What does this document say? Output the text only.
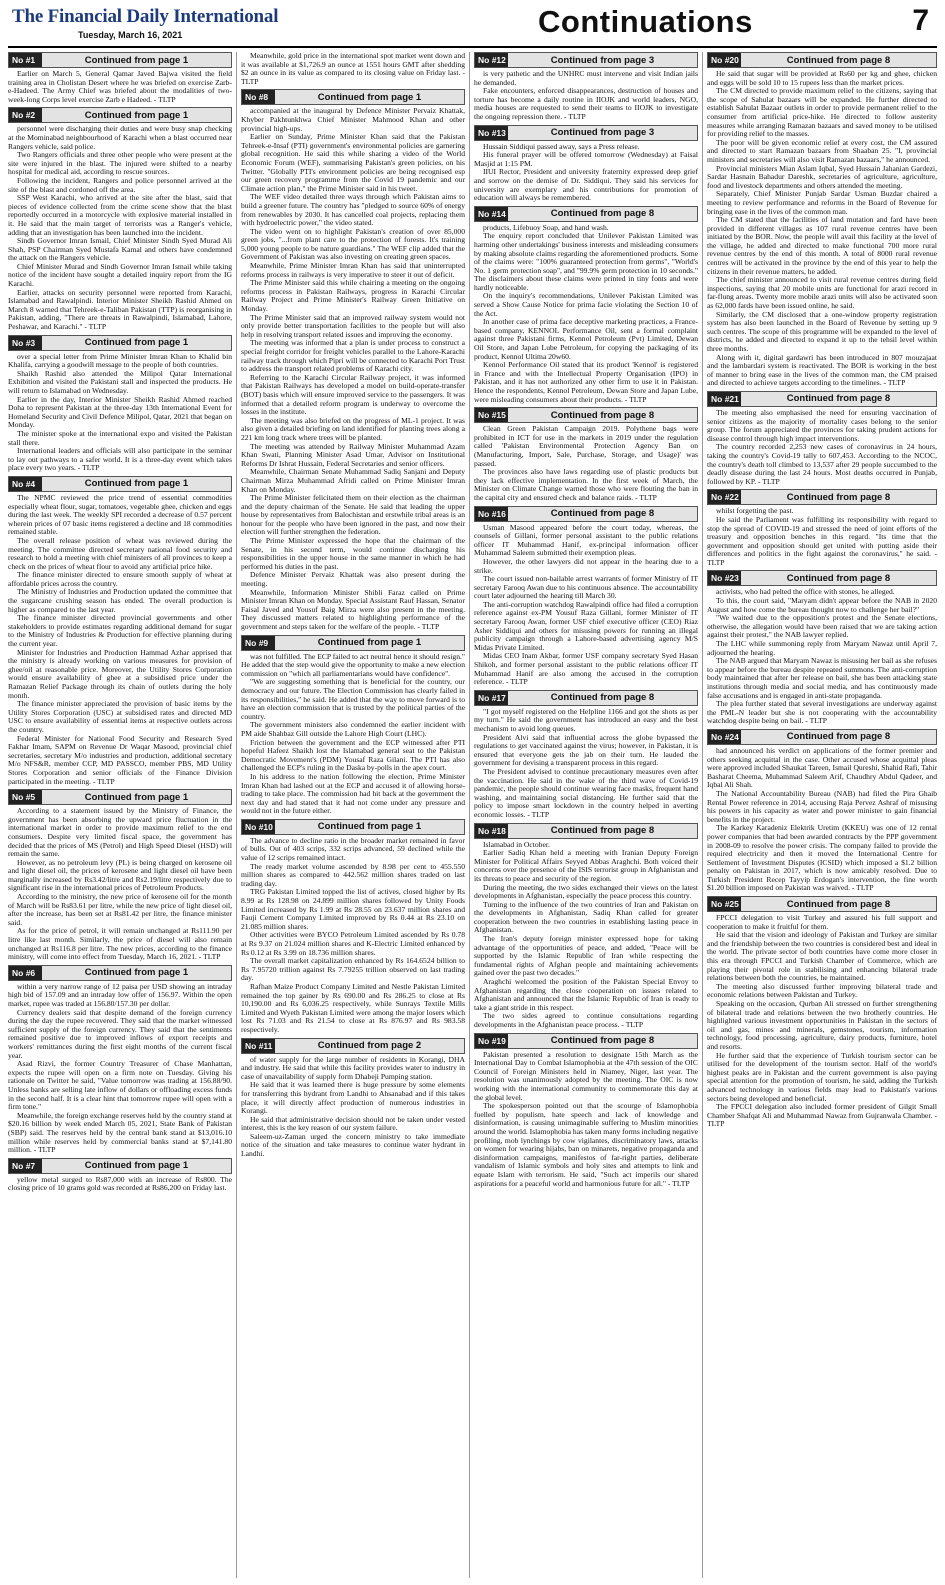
The Financial Daily International
Tuesday, March 16, 2021	Continuations	7
No #1	Continued from page 1

Earlier on March 5, General Qamar Javed Bajwa visited the field training area in Cholistan Desert where he was briefed on exercise Zarb-e-Hadeed. The Army Chief was briefed about the modalities of two-week-long Corps level exercise Zarb e Hadeed. - TLTP

No #2	Continued from page 1

personnel were discharging their duties and were busy snap checking at the Mominabad neighbourhood of Karachi when a blast occurred near Rangers vehicle, said police.

Two Rangers officials and three other people who were present at the site were injured in the blast. The injured were shifted to a nearby hospital for medical aid, according to rescue sources.

Following the incident, Rangers and police personnel arrived at the site of the blast and cordoned off the area.

SSP West Karachi, who arrived at the site after the blast, said that pieces of evidence collected from the crime scene show that the blast reportedly occurred in a motorcycle with explosive material installed in it. He said that the main target of terrorists was a Ranger's vehicle, adding that an investigation has been launched into the incident.

Sindh Governor Imran Ismail, Chief Minister Sindh Syed Murad Ali Shah, PSP Chairman Syed Mustafa Kamal and others have condemned the attack on the Rangers vehicle.

Chief Minister Murad and Sindh Governor Imran Ismail while taking notice of the incident have sought a detailed inquiry report from the IG Karachi.

Earlier, attacks on security personnel were reported from Karachi, Islamabad and Rawalpindi. Interior Minister Sheikh Rashid Ahmed on March 8 warned that Tehreek-e-Taliban Pakistan (TTP) is reorganising in Pakistan, adding, "There are threats in Rawalpindi, Islamabad, Lahore, Peshawar, and Karachi." - TLTP

No #3	Continued from page 1

over a special letter from Prime Minister Imran Khan to Khalid bin Khalifa, carrying a goodwill message to the people of both countries.

Shaikh Rashid also attended the Milipol Qatar International Exhibition and visited the Pakistani stall and inspected the products. He will return to Islamabad on Wednesday.

Earlier in the day, Interior Minister Sheikh Rashid Ahmed reached Doha to represent Pakistan at the three-day 13th International Event for Homeland Security and Civil Defence Milipol, Qatar, 2021 that began on Monday.

The minister spoke at the international expo and visited the Pakistan stall there.

International leaders and officials will also participate in the seminar to lay out pathways to a safer world. It is a three-day event which takes place every two years. - TLTP

No #4	Continued from page 1

The NPMC reviewed the price trend of essential commodities especially wheat flour, sugar, tomatoes, vegetable ghee, chicken and eggs during the last week. The weekly SPI recorded a decrease of 0.57 percent wherein prices of 07 basic items registered a decline and 18 commodities remained stable.

The overall release position of wheat was reviewed during the meeting. The committee directed secretary national food security and research to hold a meeting with chief ministers of all provinces to keep a check on the prices of wheat flour to avoid any artificial price hike.

The finance minister directed to ensure smooth supply of wheat at affordable prices across the country.

The Ministry of Industries and Production updated the committee that the sugarcane crushing season has ended. The overall production is higher as compared to the last year.

The finance minister directed provincial governments and other stakeholders to provide estimates regarding additional demand for sugar to the Ministry of Industries & Production for effective planning during the current year.

Minister for Industries and Production Hammad Azhar apprised that the ministry is already working on various measures for provision of ghee/oil at reasonable price. Moreover, the Utility Stores Corporation would ensure availability of ghee at a subsidised price under the Ramazan Relief Package through its chain of outlets during the holy month.

The finance minister appreciated the provision of basic items by the Utility Stores Corporation (USC) at subsidised rates and directed MD USC to ensure availability of essential items at respective outlets across the country.

Federal Minister for National Food Security and Research Syed Fakhar Imam, SAPM on Revenue Dr Waqar Masood, provincial chief secretaries, secretary M/o industries and production, additional secretary M/o NFS&R, member CCP, MD PASSCO, member PBS, MD Utility Stores Corporation and senior officials of the Finance Division participated in the meeting. - TLTP

No #5	Continued from page 1

According to a statement issued by the Ministry of Finance, the government has been absorbing the upward price fluctuation in the international market in order to provide maximum relief to the end consumers. Despite very limited fiscal space, the government has decided that the prices of MS (Petrol) and High Speed Diesel (HSD) will remain the same.

However, as no petroleum levy (PL) is being charged on kerosene oil and light diesel oil, the prices of kerosene and light diesel oil have been marginally increased by Rs3.42/litre and Rs2.19/litre respectively due to significant rise in the international prices of Petroleum Products.

According to the ministry, the new price of kerosene oil for the month of March will be Rs83.61 per litre, while the new price of light diesel oil, after the increase, has been set at Rs81.42 per litre, the finance minister said.

As for the price of petrol, it will remain unchanged at Rs111.90 per litre like last month. Similarly, the price of diesel will also remain unchanged at Rs116.8 per litre. The new prices, according to the finance ministry, will come into effect from Tuesday, March 16, 2021. - TLTP

No #6	Continued from page 1

within a very narrow range of 12 paisa per USD showing an intraday high bid of 157.09 and an intraday low offer of 156.97. Within the open market, rupee was traded at 156.80/157.30 per dollar.

Currency dealers said that despite demand of the foreign currency during the day the rupee recovered. They said that the market witnessed sufficient supply of the foreign currency. They said that the sentiments remained positive due to improved inflows of export receipts and workers' remittances during the first eight months of the current fiscal year.

Asad Rizvi, the former Country Treasurer of Chase Manhattan, expects the rupee will open on a firm note on Tuesday. Giving his rationale on Twitter he said, "Value tomorrow was trading at 156.88/90. Unless banks are selling late inflow of dollars or offloading excess funds in the second half. It is a clear hint that tomorrow rupee will open with a firm tone."

Meanwhile, the foreign exchange reserves held by the country stand at $20.16 billion by week ended March 05, 2021, State Bank of Pakistan (SBP) said. The reserves held by the central bank stand at $13,016.10 million while reserves held by commercial banks stand at $7,141.80 million. - TLTP

No #7	Continued from page 1

yellow metal surged to Rs87,000 with an increase of Rs800. The closing price of 10 grams gold was recorded at Rs86,200 on Friday last.

Meanwhile, gold price in the international spot market went down and it was available at $1,726.9 an ounce at 1551 hours GMT after shedding $2 an ounce in its value as compared to its closing value on Friday last. - TLTP

No #8	Continued from page 1

accompanied at the inaugural by Defence Minister Pervaiz Khattak, Khyber Pakhtunkhwa Chief Minister Mahmood Khan and other provincial high-ups.

Earlier on Sunday, Prime Minister Khan said that the Pakistan Tehreek-e-Insaf (PTI) government's environmental policies are garnering global recognition. He said this while sharing a video of the World Economic Forum (WEF), summarising Pakistan's green policies, on his Twitter. "Globally PTI's environment policies are being recognised esp our green recovery programme from the Covid 19 pandemic and our Climate action plan," the Prime Minister said in his tweet.

The WEF video detailed three ways through which Pakistan aims to build a greener future. The country has "pledged to source 60% of energy from renewables by 2030. It has cancelled coal projects, replacing them with hydroelectric power," the video stated.

The video went on to highlight Pakistan's creation of over 85,000 green jobs, "...from plant care to the protection of forests. It's training 5,000 young people to be nature guardians." The WEF clip added that the Government of Pakistan was also investing on creating green spaces.

Meanwhile, Prime Minister Imran Khan has said that uninterrupted reforms process in railways is very imperative to steer it out of deficit.

The Prime Minister said this while chairing a meeting on the ongoing reforms process in Pakistan Railways, progress in Karachi Circular Railway Project and Prime Minister's Railway Green Initiative on Monday.

The Prime Minister said that an improved railway system would not only provide better transportation facilities to the people but will also help in resolving transport related issues and improving the economy.

The meeting was informed that a plan is under process to construct a special freight corridor for freight vehicles parallel to the Lahore-Karachi railway track through which Pipri will be connected to Karachi Port Trust to address the transport related problems of Karachi city.

Referring to the Karachi Circular Railway project, it was informed that Pakistan Railways has developed a model on build-operate-transfer (BOT) basis which will ensure improved service to the passengers. It was informed that a detailed reform program is underway to overcome the losses in the institute.

The meeting was also briefed on the progress of ML-1 project. It was also given a detailed briefing on land identified for planting trees along a 221 km long track where trees will be planted.

The meeting was attended by Railway Minister Muhammad Azam Khan Swati, Planning Minister Asad Umar, Advisor on Institutional Reforms Dr Ishrat Hussain, Federal Secretaries and senior officers.

Meanwhile, Chairman Senate Muhammad Sadiq Sanjani and Deputy Chairman Mirza Muhammad Afridi called on Prime Minister Imran Khan on Monday.

The Prime Minister felicitated them on their election as the chairman and the deputy chairman of the Senate. He said that leading the upper house by representatives from Balochistan and erstwhile tribal areas is an honour for the people who have been ignored in the past, and now their election will further strengthen the federation.

The Prime Minister expressed the hope that the chairman of the Senate, in his second term, would continue discharging his responsibilities in the upper house in the same manner in which he had performed his duties in the past.

Defence Minister Pervaiz Khattak was also present during the meeting.

Meanwhile, Information Minister Shibli Faraz called on Prime Minister Imran Khan on Monday. Special Assistant Rauf Hassan, Senator Faisal Javed and Yousuf Baig Mirza were also present in the meeting. They discussed matters related to highlighting performance of the government and steps taken for the welfare of the people. - TLTP

No #9	Continued from page 1

was not fulfilled. The ECP failed to act neutral hence it should resign." He added that the step would give the opportunity to make a new election commission on "which all parliamentarians would have confidence".

"We are suggesting something that is beneficial for the country, our democracy and our future. The Election Commission has clearly failed in its responsibilities," he said. He added that the way to move forward is to have an election commission that is trusted by the political parties of the country.

The government ministers also condemned the earlier incident with PM aide Shahbaz Gill outside the Lahore High Court (LHC).

Friction between the government and the ECP witnessed after PTI hopeful Hafeez Shaikh lost the Islamabad general seat to the Pakistan Democratic Movement's (PDM) Yousaf Raza Gilani. The PTI has also challenged the ECP's ruling in the Daska by-polls in the apex court.

In his address to the nation following the election, Prime Minister Imran Khan had lashed out at the ECP and accused it of allowing horse-trading to take place. The commission had hit back at the government the next day and had stated that it had not come under any pressure and would not in the future either.

No #10	Continued from page 1

The advance to decline ratio in the broader market remained in favor of bulls. Out of 403 scrips, 332 scrips advanced, 59 declined while the value of 12 scrips remained intact.

The ready market volume ascended by 8.98 per cent to 455.550 million shares as compared to 442.562 million shares traded on last trading day.

TRG Pakistan Limited topped the list of actives, closed higher by Rs 8.99 at Rs 128.98 on 24.899 million shares followed by Unity Foods Limited increased by Rs 1.99 at Rs 28.55 on 23.637 million shares and Fauji Cement Company Limited improved by Rs 0.44 at Rs 23.10 on 21.085 million shares.

Other activities were BYCO Petroleum Limited ascended by Rs 0.78 at Rs 9.37 on 21.024 million shares and K-Electric Limited enhanced by Rs 0.12 at Rs 3.99 on 18.736 million shares.

The overall market capitalization enhanced by Rs 164.6524 billion to Rs 7.95720 trillion against Rs 7.79255 trillion observed on last trading day.

Rafhan Maize Product Company Limited and Nestle Pakistan Limited remained the top gainer by Rs 690.00 and Rs 286.25 to close at Rs 10,190.00 and Rs 6,036.25 respectively, while Sunrays Textile Mills Limited and Wyeth Pakistan Limited were among the major losers which lost Rs 71.03 and Rs 21.54 to close at Rs 876.97 and Rs 983.58 respectively.

No #11	Continued from page 2

of water supply for the large number of residents in Korangi, DHA and industry. He said that while this facility provides water to industry in case of unavailability of supply form Dhabeji Pumping station.

He said that it was learned there is huge pressure by some elements for transferring this hydrant from Landhi to Ahsanabad and if this takes place, it will directly affect production of numerous industries in Korangi.

He said that administrative decision should not be taken under vested interest, this is the key reason of our system failure.

Saleem-uz-Zaman urged the concern ministry to take immediate notice of the situation and take measures to continue water hydrant in Landhi.

No #12	Continued from page 3

is very pathetic and the UNHRC must intervene and visit Indian jails he demanded.

Fake encounters, enforced disappearances, destruction of houses and torture has become a daily routine in IIOJK and world leaders, NGO, media houses are requested to send their teams to IIOJK to investigate the ongoing repression there. - TLTP

No #13	Continued from page 3

Hussain Siddiqui passed away, says a Press release.

His funeral prayer will be offered tomorrow (Wednesday) at Faisal Masjid at 1:15 PM.

IIUI Rector, President and university fraternity expressed deep grief and sorrow on the demise of Dr. Siddiqui. They said his services for university are exemplary and his contributions for promotion of education will always be remembered.

No #14	Continued from page 8

products, Lifebuoy Soap, and hand wash.

The enquiry report concluded that Unilever Pakistan Limited was harming other undertakings' business interests and misleading consumers by making absolute claims regarding the aforementioned products. Some of the claims were: "100% guaranteed protection from germs", "World's No. 1 germ protection soap", and "99.9% germ protection in 10 seconds." The disclaimers about these claims were printed in tiny fonts and were hardly noticeable.

On the inquiry's recommendations, Unilever Pakistan Limited was served a Show Cause Notice for prima facie violating the Section 10 of the Act.

In another case of prima face deceptive marketing practices, a France-based company, KENNOL Performance Oil, sent a formal complaint against three Pakistani firms, Kennol Petroleum (Pvt) Limited, Dewan Oil Store, and Japan Lube Petroleum, for copying the packaging of its product, Kennol Ultima 20w60.

Kennol Performance Oil stated that its product 'Kennol' is registered in France and with the Intellectual Property Organisation (IPO) in Pakistan, and it has not authorized any other firm to use it in Pakistan. Hence the respondents, Kennol Petroleum, Dewan Store and Japan Lube, were misleading consumers about their products. - TLTP

No #15	Continued from page 8

Clean Green Pakistan Campaign 2019. Polythene bags were prohibited in ICT for use in the markets in 2019 under the regulation called 'Pakistan Environmental Protection Agency Ban on (Manufacturing, Import, Sale, Purchase, Storage, and Usage)' was passed.

The provinces also have laws regarding use of plastic products but they lack effective implementation. In the first week of March, the Minister on Climate Change warned those who were flouting the ban in the capital city and ensured check and balance raids. - TLTP

No #16	Continued from page 8

Usman Masood appeared before the court today, whereas, the counsels of Gillani, former personal assistant to the public relations officer IT Muhammad Hanif, ex-principal information officer Muhammad Saleem submitted their exemption pleas.

However, the other lawyers did not appear in the hearing due to a strike.

The court issued non-bailable arrest warrants of former Ministry of IT secretary Farooq Awan due to his continuous absence. The accountability court later adjourned the hearing till March 30.

The anti-corruption watchdog Rawalpindi office had filed a corruption reference against ex-PM Yousuf Raza Gillani, former Minister of IT secretary Farooq Awan, former USF chief executive officer (CEO) Riaz Asher Siddiqui and others for misusing powers for running an illegal publicity campaign through a Lahore-based advertising agency M/S Midas Private Limited.

Midas CEO Inam Akbar, former USF company secretary Syed Hasan Shikoh, and former personal assistant to the public relations officer IT Muhammad Hanif are also among the accused in the corruption reference. - TLTP

No #17	Continued from page 8

"I got myself registered on the Helpline 1166 and got the shots as per my turn." He said the government has introduced an easy and the best mechanism to avoid long queues.

President Alvi said that influential across the globe bypassed the regulations to get vaccinated against the virus; however, in Pakistan, it is ensured that everyone gets the jab on their turn. He lauded the government for devising a transparent process in this regard.

The President advised to continue precautionary measures even after the vaccination. He said in the wake of the third wave of Covid-19 pandemic, the people should continue wearing face masks, frequent hand washing, and maintaining social distancing. He further said that the policy to impose smart lockdown in the country helped in averting economic losses. - TLTP

No #18	Continued from page 8

Islamabad in October.

Earlier Sadiq Khan held a meeting with Iranian Deputy Foreign Minister for Political Affairs Seyyed Abbas Araghchi. Both voiced their concerns over the presence of the ISIS terrorist group in Afghanistan and its threats to peace and security of the region.

During the meeting, the two sides exchanged their views on the latest developments in Afghanistan, especially the peace process this country.

Turning to the influence of the two countries of Iran and Pakistan on the developments in Afghanistan, Sadiq Khan called for greater cooperation between the two countries in establishing lasting peace in Afghanistan.

The Iran's deputy foreign minister expressed hope for taking advantage of the opportunities of peace, and added, "Peace will be supported by the Islamic Republic of Iran while respecting the fundamental rights of Afghan people and maintaining achievements gained over the past two decades."

Araghchi welcomed the position of the Pakistan Special Envoy to Afghanistan regarding the close cooperation on issues related to Afghanistan and announced that the Islamic Republic of Iran is ready to take a giant stride in this respect.

The two sides agreed to continue consultations regarding developments in the Afghanistan peace process. - TLTP

No #19	Continued from page 8

Pakistan presented a resolution to designate 15th March as the International Day to Combat Islamophobia at the 47th session of the OIC Council of Foreign Ministers held in Niamey, Niger, last year. The resolution was unanimously adopted by the meeting. The OIC is now working with the international community to commemorate this day at the global level.

The spokesperson pointed out that the scourge of Islamophobia fuelled by populism, hate speech and lack of knowledge and disinformation, is causing unimaginable suffering to Muslim minorities around the world. Islamophobia has taken many forms including negative profiling, mob lynchings by cow vigilantes, discriminatory laws, attacks on women for wearing hijabs, ban on minarets, negative propaganda and disinformation campaigns, manifestos of far-right parties, deliberate vandalism of Islamic symbols and holy sites and attempts to link and equate Islam with terrorism. He said, "Such act imperils our shared aspirations for a peaceful world and harmonious future for all." - TLTP

No #20	Continued from page 8

He said that sugar will be provided at Rs60 per kg and ghee, chicken and eggs will be sold 10 to 15 rupees less than the market prices.

The CM directed to provide maximum relief to the citizens, saying that the scope of Sahulat bazaars will be expanded. He further directed to establish Sahulat Bazaar outlets in order to provide permanent relief to the consumer from artificial price-hike. He directed to follow austerity measures while arranging Ramazan bazaars and saved money to be utilised for providing relief to the masses.

The poor will be given economic relief at every cost, the CM assured and directed to start Ramazan bazaars from Shaaban 25. "I, provincial ministers and secretaries will also visit Ramazan bazaars," he announced.

Provincial ministers Mian Aslam Iqbal, Syed Hussain Jahanian Gardezi, Sardar Hasnain Bahadur Dareshk, secretaries of agriculture, agriculture, food and livestock departments and others attended the meeting.

Separately, Chief Minister Punjab Sardar Usman Buzdar chaired a meeting to review performance and reforms in the Board of Revenue for bringing ease in the lives of the common man.

The CM stated that the facilities of land mutation and fard have been provided in different villages as 107 rural revenue centres have been initiated by the BOR. Now, the people will avail this facility at the level of the village, he added and directed to make functional 700 more rural revenue centres by the end of this month. A total of 8000 rural revenue centres will be activated in the province by the end of this year to help the citizens in their revenue matters, he added.

The chief minister announced to visit rural revenue centres during field inspections, saying that 20 mobile units are functional for arazi record in far-flung areas. Twenty more mobile arazi units will also be activated soon as 62,000 fards have been issued online, he said.

Similarly, the CM disclosed that a one-window property registration system has also been launched in the Board of Revenue by setting up 9 such centres. The scope of this programme will be expanded to the level of districts, he added and directed to expand it up to the tehsil level within three months.

Along with it, digital gardawri has been introduced in 807 mouzajaat and the lambardari system is reactivated. The BOR is working in the best of manner to bring ease in the lives of the common man, the CM praised and directed to achieve targets according to the timelines. - TLTP

No #21	Continued from page 8

The meeting also emphasised the need for ensuring vaccination of senior citizens as the majority of mortality cases belong to the senior group. The forum appreciated the provinces for taking prudent actions for disease control through high impact interventions.

The country recorded 2,253 new cases of coronavirus in 24 hours, taking the country's Covid-19 tally to 607,453. According to the NCOC, the country's death toll climbed to 13,537 after 29 people succumbed to the deadly disease during the last 24 hours. Most deaths occurred in Punjab, followed by KP. - TLTP

No #22	Continued from page 8

whilst forgetting the past.

He said the Parliament was fulfilling its responsibility with regard to stop the spread of COVID-19 and stressed the need of joint efforts of the treasury and opposition benches in this regard. "Its time that the government and opposition should get united with putting aside their differences and politics in the fight against the coronavirus," he said. - TLTP

No #23	Continued from page 8

activists, who had pelted the office with stones, he alleged.

To this, the court said, "Maryam didn't appear before the NAB in 2020 August and how come the bureau thought now to challenge her bail?"

"We waited due to the opposition's protest and the Senate elections, otherwise, the allegation would have been raised that we are taking action against their protest," the NAB lawyer replied.

The LHC while summoning reply from Maryam Nawaz until April 7, adjourned the hearing.

The NAB argued that Maryam Nawaz is misusing her bail as she refuses to appear before the bureau despite repeated summons. The anti-corruption body maintained that after her release on bail, she has been attacking state institutions through media and social media, and has continuously made false accusations and is engaged in anti-state propaganda.

The plea further stated that several investigations are underway against the PML-N leader but she is not cooperating with the accountability watchdog despite being on bail. - TLTP

No #24	Continued from page 8

had announced his verdict on applications of the former premier and others seeking acquittal in the case. Other accused whose acquittal pleas were approved included Shaukat Tareen, Ismail Qureshi, Shahid Rafi, Tahir Basharat Cheema, Muhammad Saleem Arif, Chaudhry Abdul Qadeer, and Iqbal Ali Shah.

The National Accountability Bureau (NAB) had filed the Pira Ghaib Rental Power reference in 2014, accusing Raja Pervez Ashraf of misusing his powers in his capacity as water and power minister to gain financial benefits in the project.

The Karkey Karadeniz Elektrik Uretim (KKEU) was one of 12 rental power companies that had been awarded contracts by the PPP government in 2008-09 to resolve the power crisis. The company failed to provide the required electricity and then it moved the International Centre for Settlement of Investment Disputes (ICSID) which imposed a $1.2 billion penalty on Pakistan in 2017, which is now amicably resolved. Due to Turkish President Recep Tayyip Erdogan's intervention, the fine worth $1.20 billion imposed on Pakistan was waived. - TLTP

No #25	Continued from page 8

FPCCI delegation to visit Turkey and assured his full support and cooperation to make it fruitful for them.

He said that the vision and ideology of Pakistan and Turkey are similar and the friendship between the two countries is considered best and ideal in the world. The private sector of both countries have come more closer in this era through FPCCI and Turkish Chamber of Commerce, which are playing their pivotal role in stabilising and enhancing bilateral trade relations between both the countries, he maintained.

The meeting also discussed further improving bilateral trade and economic relations between Pakistan and Turkey.

Speaking on the occasion, Qurban Ali stressed on further strengthening of bilateral trade and relations between the two brotherly countries. He highlighted various investment opportunities in Pakistan in the sectors of oil and gas, mines and minerals, gemstones, tourism, information technology, food processing, agriculture, dairy products, furniture, hotel and resorts.

He further said that the experience of Turkish tourism sector can be utilised for the development of the tourism sector. Half of the world's highest peaks are in Pakistan and the current government is also paying special attention for the promotion of tourism, he said, adding the Turkish advanced technology in various fields may lead to Pakistan's various sectors being developed and beneficial.

The FPCCI delegation also included former president of Gilgit Small Chamber Shafqat Ali and Muhammad Nawaz from Gujranwala Chamber. - TLTP
